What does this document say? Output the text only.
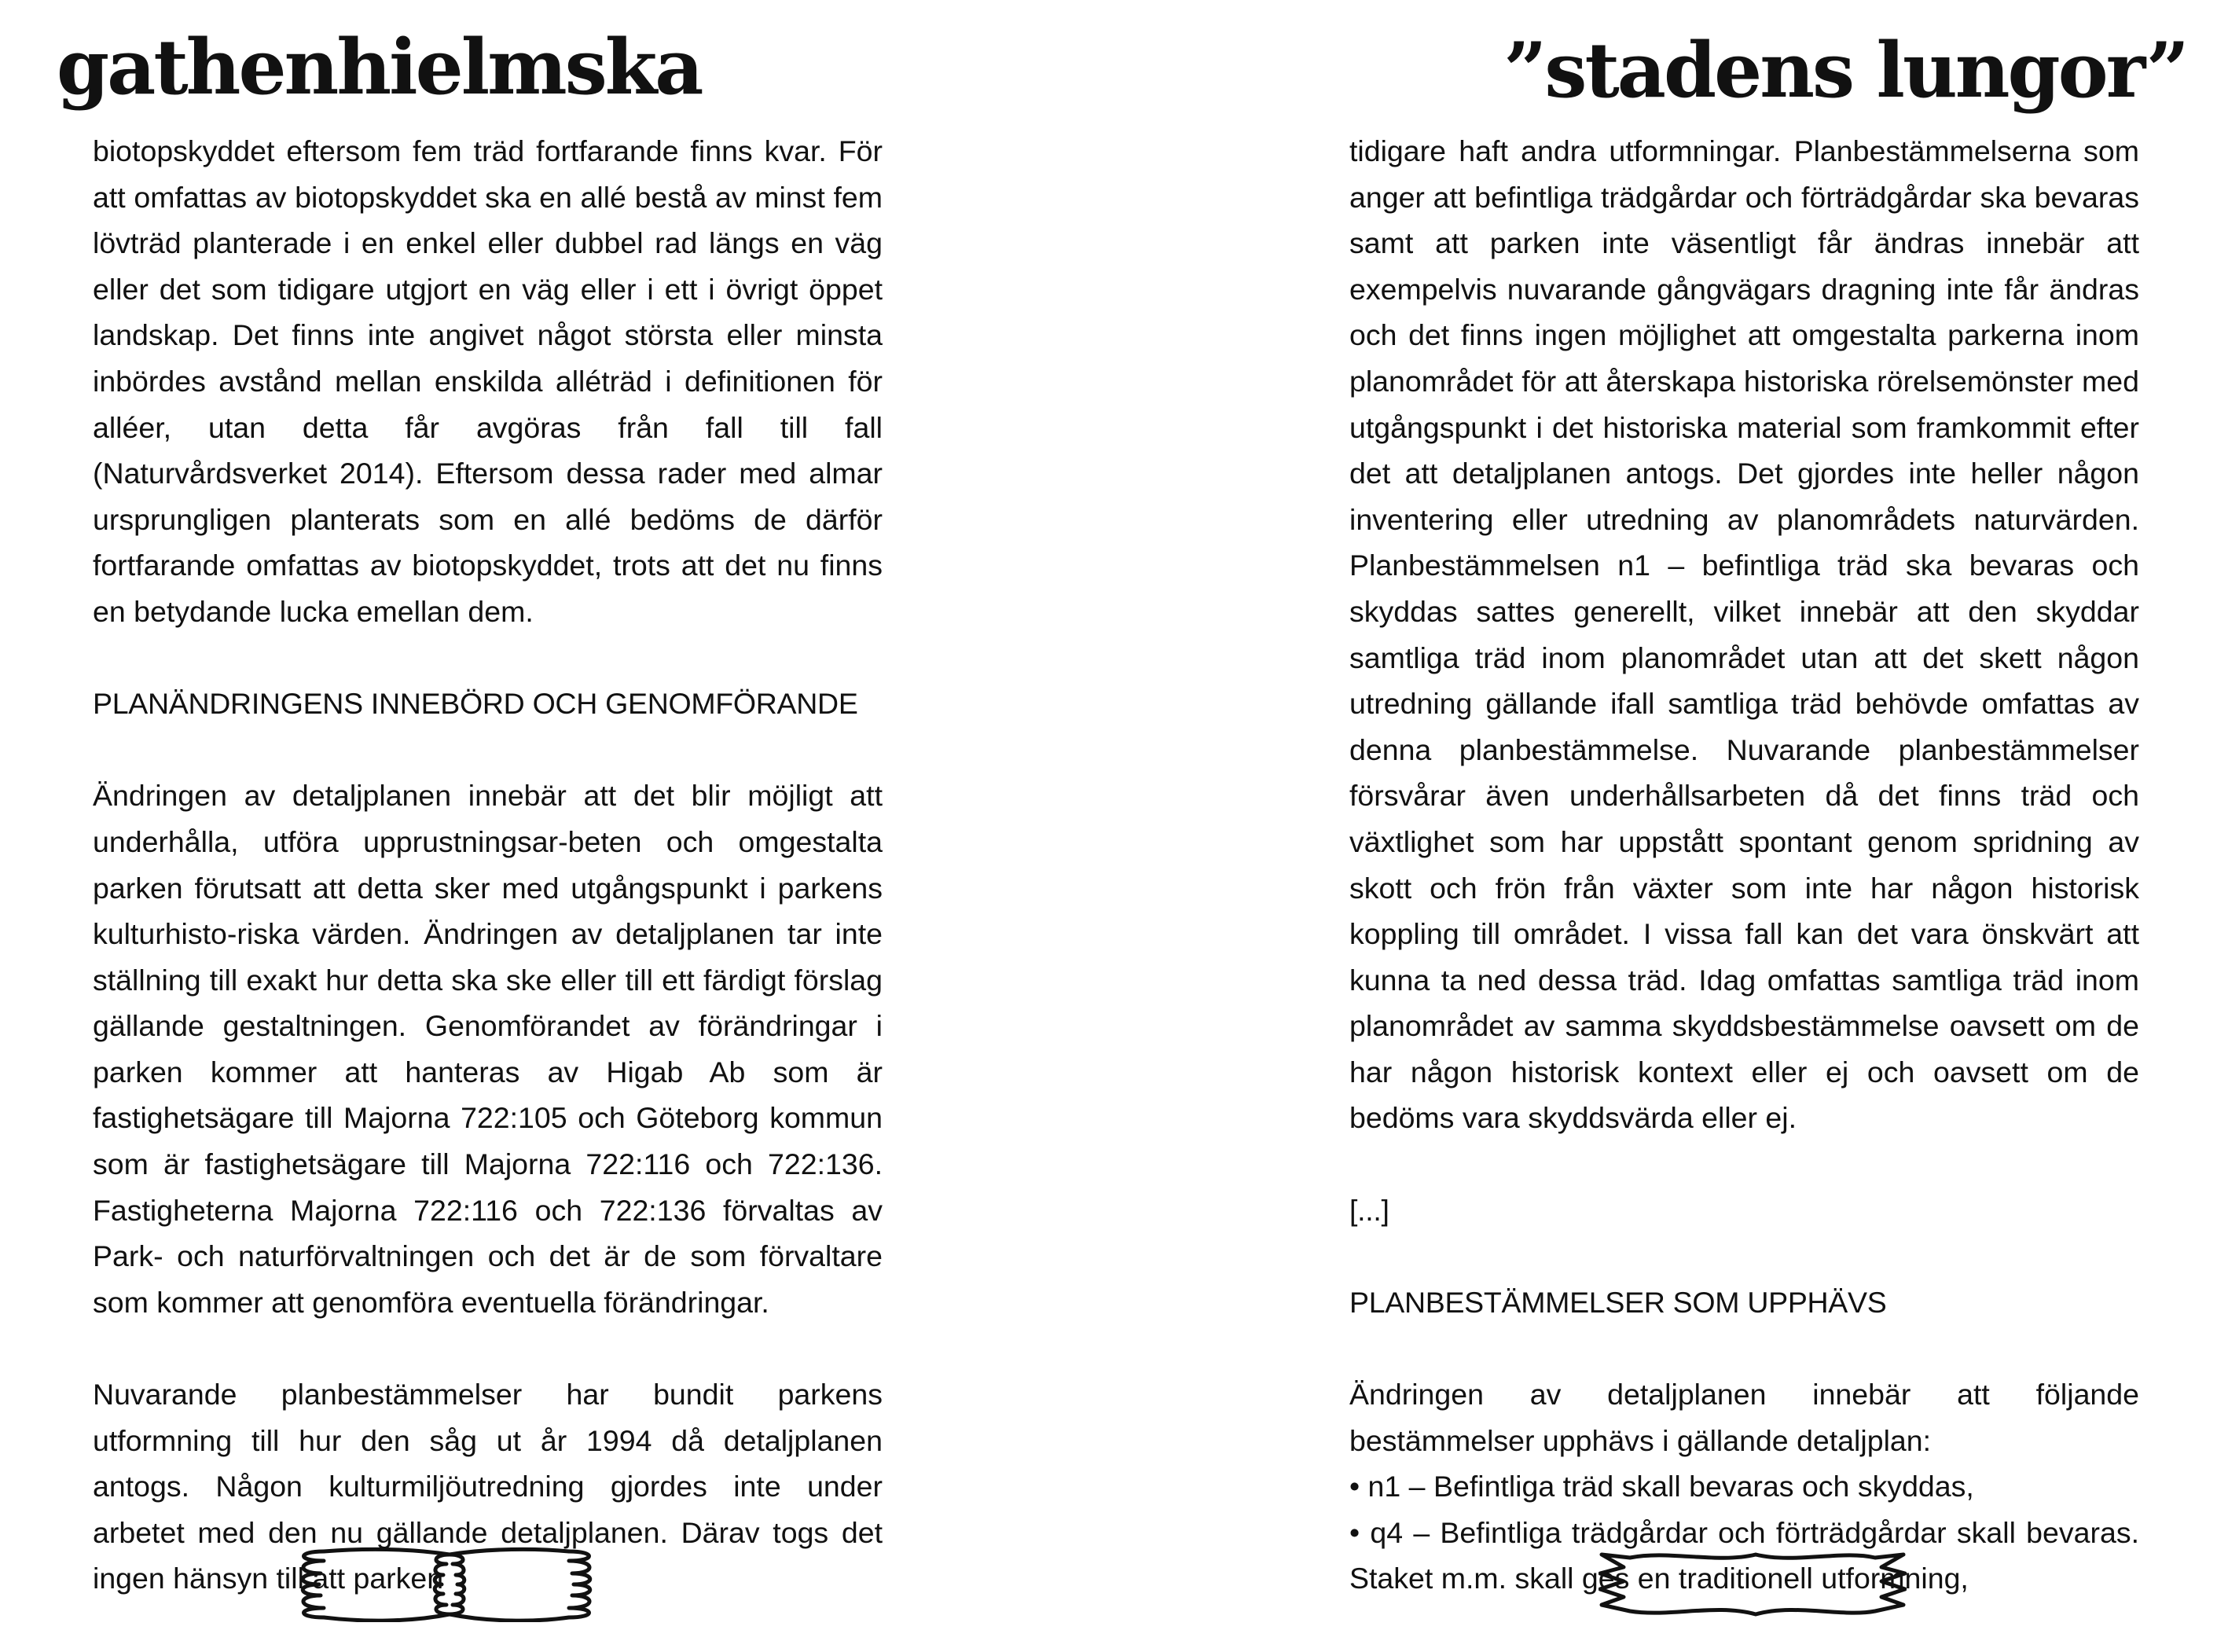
gathenhielmska

biotopskyddet eftersom fem träd fortfarande finns kvar. För att omfattas av biotopskyddet ska en allé bestå av minst fem lövträd planterade i en enkel eller dubbel rad längs en väg eller det som tidigare utgjort en väg eller i ett i övrigt öppet landskap. Det finns inte angivet något största eller minsta inbördes avstånd mellan enskilda alléträd i definitionen för alléer, utan detta får avgöras från fall till fall (Naturvårdsverket 2014). Eftersom dessa rader med almar ursprungligen planterats som en allé bedöms de därför fortfarande omfattas av biotopskyddet, trots att det nu finns en betydande lucka emellan dem.

PLANÄNDRINGENS INNEBÖRD OCH GENOMFÖRANDE

Ändringen av detaljplanen innebär att det blir möjligt att underhålla, utföra upprustningsar-beten och omgestalta parken förutsatt att detta sker med utgångspunkt i parkens kulturhisto-riska värden. Ändringen av detaljplanen tar inte ställning till exakt hur detta ska ske eller till ett färdigt förslag gällande gestaltningen. Genomförandet av förändringar i parken kommer att hanteras av Higab Ab som är fastighetsägare till Majorna 722:105 och Göteborg kommun som är fastighetsägare till Majorna 722:116 och 722:136. Fastigheterna Majorna 722:116 och 722:136 förvaltas av Park- och naturförvaltningen och det är de som förvaltare som kommer att genomföra eventuella förändringar.

Nuvarande planbestämmelser har bundit parkens utformning till hur den såg ut år 1994 då detaljplanen antogs. Någon kulturmiljöutredning gjordes inte under arbetet med den nu gällande detaljplanen. Därav togs det ingen hänsyn till att parken

”stadens lungor”

tidigare haft andra utformningar. Planbestämmelserna som anger att befintliga trädgårdar och förträdgårdar ska bevaras samt att parken inte väsentligt får ändras innebär att exempelvis nuvarande gångvägars dragning inte får ändras och det finns ingen möjlighet att omgestalta parkerna inom planområdet för att återskapa historiska rörelsemönster med utgångspunkt i det historiska material som framkommit efter det att detaljplanen antogs. Det gjordes inte heller någon inventering eller utredning av planområdets naturvärden. Planbestämmelsen n1 – befintliga träd ska bevaras och skyddas sattes generellt, vilket innebär att den skyddar samtliga träd inom planområdet utan att det skett någon utredning gällande ifall samtliga träd behövde omfattas av denna planbestämmelse. Nuvarande planbestämmelser försvårar även underhållsarbeten då det finns träd och växtlighet som har uppstått spontant genom spridning av skott och frön från växter som inte har någon historisk koppling till området. I vissa fall kan det vara önskvärt att kunna ta ned dessa träd. Idag omfattas samtliga träd inom planområdet av samma skyddsbestämmelse oavsett om de har någon historisk kontext eller ej och oavsett om de bedöms vara skyddsvärda eller ej.

[...]

PLANBESTÄMMELSER SOM UPPHÄVS

Ändringen av detaljplanen innebär att följande bestämmelser upphävs i gällande detaljplan:

• n1 – Befintliga träd skall bevaras och skyddas,

• q4 – Befintliga trädgårdar och förträdgårdar skall bevaras. Staket m.m. skall ges en traditionell utformning,
